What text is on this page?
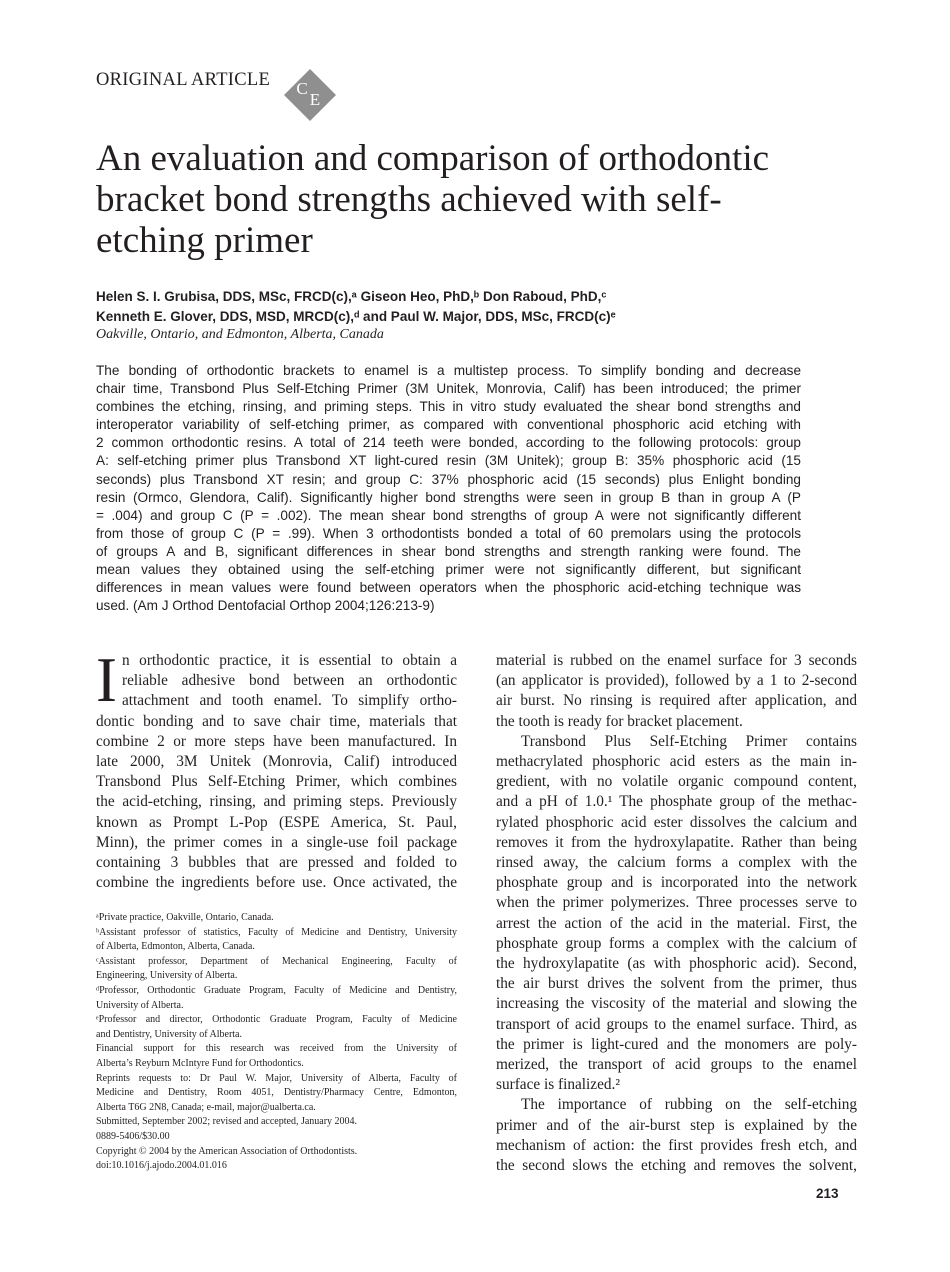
ORIGINAL ARTICLE C
E
An evaluation and comparison of orthodontic
bracket bond strengths achieved with self-
etching primer
Helen S. I. Grubisa, DDS, MSc, FRCD(c),ᵃ Giseon Heo, PhD,ᵇ Don Raboud, PhD,ᶜ
Kenneth E. Glover, DDS, MSD, MRCD(c),ᵈ and Paul W. Major, DDS, MSc, FRCD(c)ᵉ
Oakville, Ontario, and Edmonton, Alberta, Canada
The bonding of orthodontic brackets to enamel is a multistep process. To simplify bonding and decrease
chair time, Transbond Plus Self-Etching Primer (3M Unitek, Monrovia, Calif) has been introduced; the primer
combines the etching, rinsing, and priming steps. This in vitro study evaluated the shear bond strengths and
interoperator variability of self-etching primer, as compared with conventional phosphoric acid etching with
2 common orthodontic resins. A total of 214 teeth were bonded, according to the following protocols: group
A: self-etching primer plus Transbond XT light-cured resin (3M Unitek); group B: 35% phosphoric acid (15
seconds) plus Transbond XT resin; and group C: 37% phosphoric acid (15 seconds) plus Enlight bonding
resin (Ormco, Glendora, Calif). Significantly higher bond strengths were seen in group B than in group A (P
= .004) and group C (P = .002). The mean shear bond strengths of group A were not significantly different
from those of group C (P = .99). When 3 orthodontists bonded a total of 60 premolars using the protocols
of groups A and B, significant differences in shear bond strengths and strength ranking were found. The
mean values they obtained using the self-etching primer were not significantly different, but significant
differences in mean values were found between operators when the phosphoric acid-etching technique was
used. (Am J Orthod Dentofacial Orthop 2004;126:213-9)
I n orthodontic practice, it is essential to obtain a
reliable adhesive bond between an orthodontic
attachment and tooth enamel. To simplify ortho-
dontic bonding and to save chair time, materials that
combine 2 or more steps have been manufactured. In
late 2000, 3M Unitek (Monrovia, Calif) introduced
Transbond Plus Self-Etching Primer, which combines
the acid-etching, rinsing, and priming steps. Previously
known as Prompt L-Pop (ESPE America, St. Paul,
Minn), the primer comes in a single-use foil package
containing 3 bubbles that are pressed and folded to
combine the ingredients before use. Once activated, the
ᵃPrivate practice, Oakville, Ontario, Canada.
ᵇAssistant professor of statistics, Faculty of Medicine and Dentistry, University
of Alberta, Edmonton, Alberta, Canada.
ᶜAssistant professor, Department of Mechanical Engineering, Faculty of
Engineering, University of Alberta.
ᵈProfessor, Orthodontic Graduate Program, Faculty of Medicine and Dentistry,
University of Alberta.
ᵉProfessor and director, Orthodontic Graduate Program, Faculty of Medicine
and Dentistry, University of Alberta.
Financial support for this research was received from the University of
Alberta’s Reyburn McIntyre Fund for Orthodontics.
Reprints requests to: Dr Paul W. Major, University of Alberta, Faculty of
Medicine and Dentistry, Room 4051, Dentistry/Pharmacy Centre, Edmonton,
Alberta T6G 2N8, Canada; e-mail, major@ualberta.ca.
Submitted, September 2002; revised and accepted, January 2004.
0889-5406/$30.00
Copyright © 2004 by the American Association of Orthodontists.
doi:10.1016/j.ajodo.2004.01.016
material is rubbed on the enamel surface for 3 seconds
(an applicator is provided), followed by a 1 to 2-second
air burst. No rinsing is required after application, and
the tooth is ready for bracket placement.
Transbond Plus Self-Etching Primer contains
methacrylated phosphoric acid esters as the main in-
gredient, with no volatile organic compound content,
and a pH of 1.0.¹ The phosphate group of the methac-
rylated phosphoric acid ester dissolves the calcium and
removes it from the hydroxylapatite. Rather than being
rinsed away, the calcium forms a complex with the
phosphate group and is incorporated into the network
when the primer polymerizes. Three processes serve to
arrest the action of the acid in the material. First, the
phosphate group forms a complex with the calcium of
the hydroxylapatite (as with phosphoric acid). Second,
the air burst drives the solvent from the primer, thus
increasing the viscosity of the material and slowing the
transport of acid groups to the enamel surface. Third, as
the primer is light-cured and the monomers are poly-
merized, the transport of acid groups to the enamel
surface is finalized.²
The importance of rubbing on the self-etching
primer and of the air-burst step is explained by the
mechanism of action: the first provides fresh etch, and
the second slows the etching and removes the solvent,
213
